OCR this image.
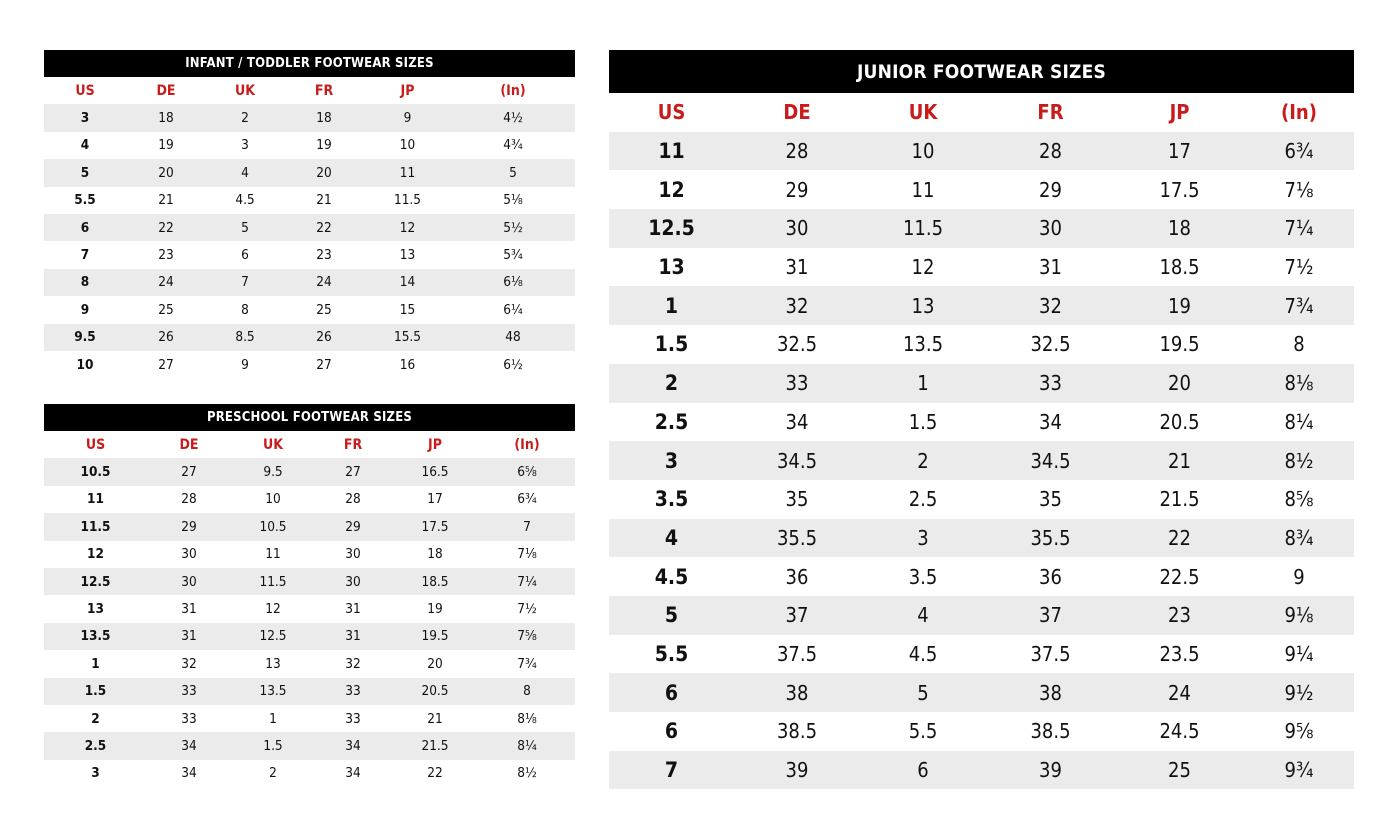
INFANT / TODDLER FOOTWEAR SIZES
US	DE	UK	FR	JP	(In)
3	18	2	18	9	4½
4	19	3	19	10	4¾
5	20	4	20	11	5
5.5	21	4.5	21	11.5	5⅛
6	22	5	22	12	5½
7	23	6	23	13	5¾
8	24	7	24	14	6⅛
9	25	8	25	15	6¼
9.5	26	8.5	26	15.5	48
10	27	9	27	16	6½
PRESCHOOL FOOTWEAR SIZES
US	DE	UK	FR	JP	(In)
10.5	27	9.5	27	16.5	6⅝
11	28	10	28	17	6¾
11.5	29	10.5	29	17.5	7
12	30	11	30	18	7⅛
12.5	30	11.5	30	18.5	7¼
13	31	12	31	19	7½
13.5	31	12.5	31	19.5	7⅝
1	32	13	32	20	7¾
1.5	33	13.5	33	20.5	8
2	33	1	33	21	8⅛
2.5	34	1.5	34	21.5	8¼
3	34	2	34	22	8½
JUNIOR FOOTWEAR SIZES
US	DE	UK	FR	JP	(In)
11	28	10	28	17	6¾
12	29	11	29	17.5	7⅛
12.5	30	11.5	30	18	7¼
13	31	12	31	18.5	7½
1	32	13	32	19	7¾
1.5	32.5	13.5	32.5	19.5	8
2	33	1	33	20	8⅛
2.5	34	1.5	34	20.5	8¼
3	34.5	2	34.5	21	8½
3.5	35	2.5	35	21.5	8⅝
4	35.5	3	35.5	22	8¾
4.5	36	3.5	36	22.5	9
5	37	4	37	23	9⅛
5.5	37.5	4.5	37.5	23.5	9¼
6	38	5	38	24	9½
6	38.5	5.5	38.5	24.5	9⅝
7	39	6	39	25	9¾
